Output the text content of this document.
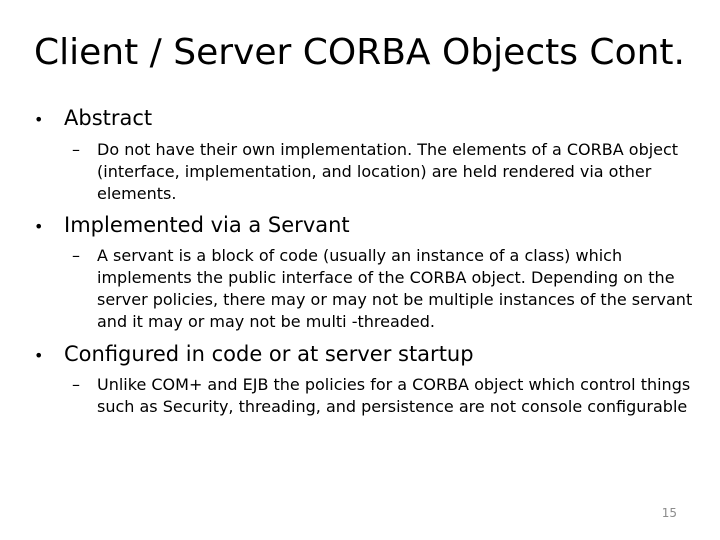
Client / Server CORBA Objects Cont.
• Abstract
–	Do not have their own implementation. The elements of a CORBA object (interface, implementation, and location) are held rendered via other elements.
• Implemented via a Servant
–	A servant is a block of code (usually an instance of a class) which implements the public interface of the CORBA object. Depending on the server policies, there may or may not be multiple instances of the servant and it may or may not be multi -threaded.
• Configured in code or at server startup
–	Unlike COM+ and EJB the policies for a CORBA object which control things such as Security, threading, and persistence are not console configurable
15
